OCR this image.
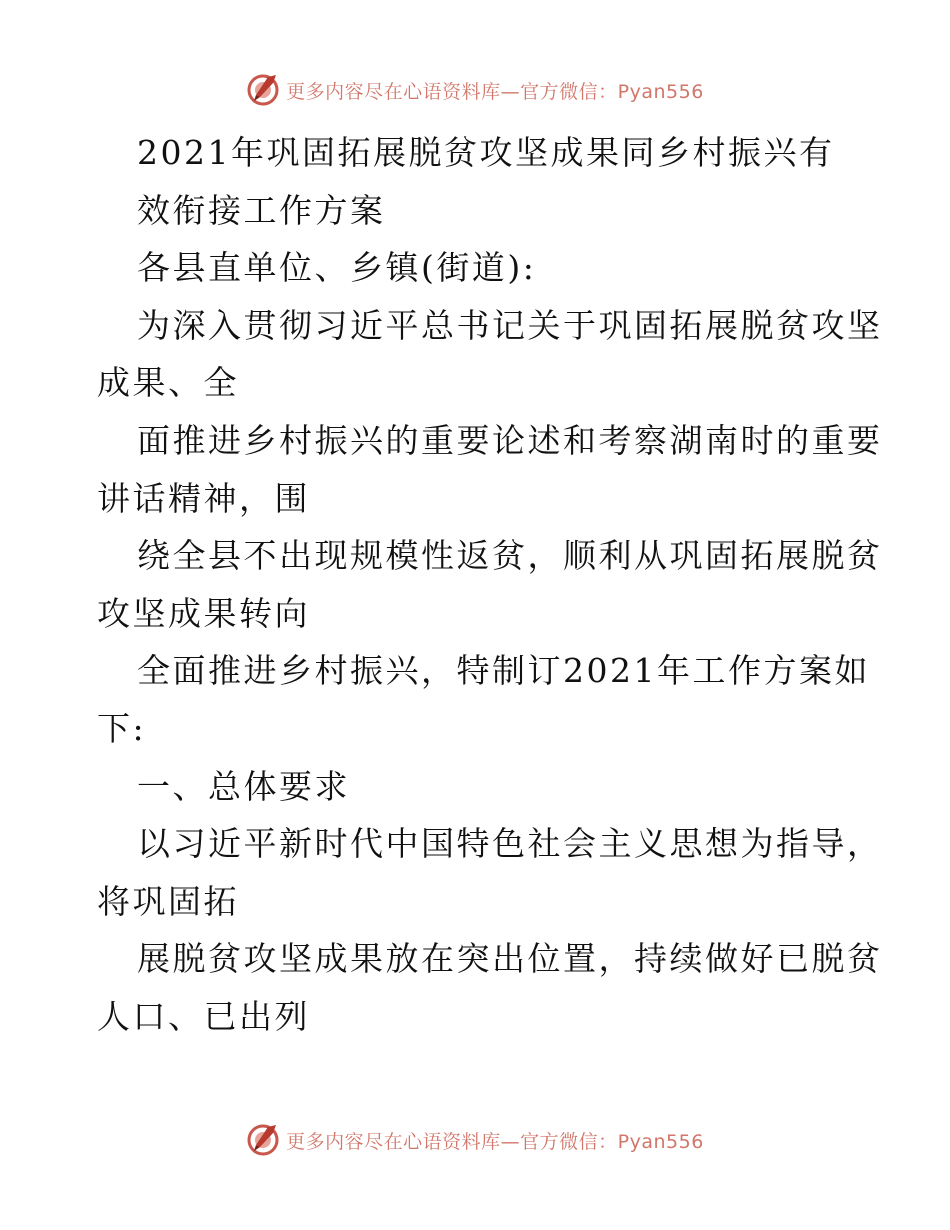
更多内容尽在心语资料库—官方微信：Pyan556
2021年巩固拓展脱贫攻坚成果同乡村振兴有
效衔接工作方案
各县直单位、乡镇(街道):
为深入贯彻习近平总书记关于巩固拓展脱贫攻坚
成果、全
面推进乡村振兴的重要论述和考察湖南时的重要
讲话精神，围
绕全县不出现规模性返贫，顺利从巩固拓展脱贫
攻坚成果转向
全面推进乡村振兴，特制订2021年工作方案如
下:
一、总体要求
以习近平新时代中国特色社会主义思想为指导，
将巩固拓
展脱贫攻坚成果放在突出位置，持续做好已脱贫
人口、已出列
更多内容尽在心语资料库—官方微信：Pyan556
